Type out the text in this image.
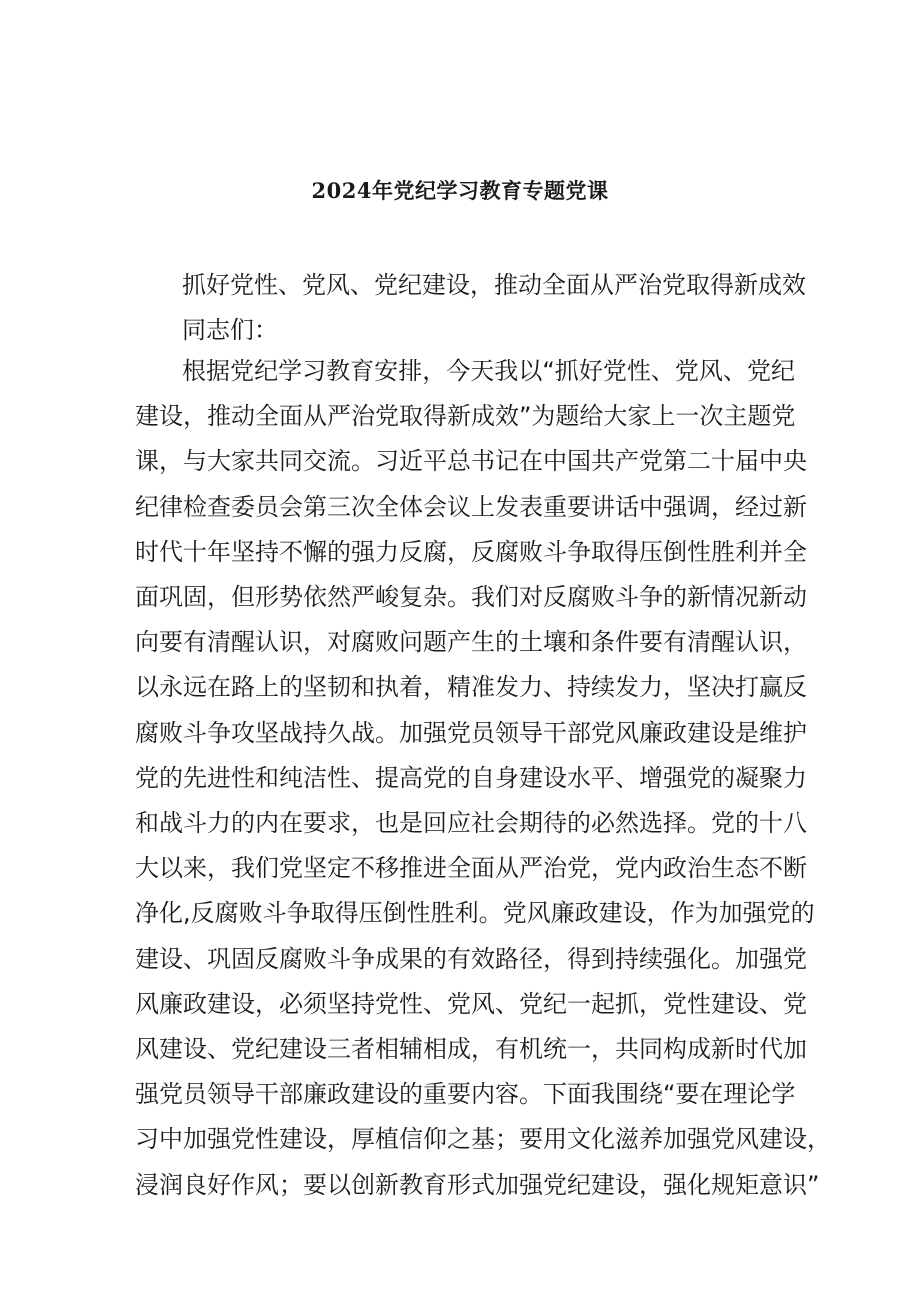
2024年党纪学习教育专题党课
抓好党性、党风、党纪建设，推动全面从严治党取得新成效
同志们：
根据党纪学习教育安排，今天我以“抓好党性、党风、党纪
建设，推动全面从严治党取得新成效”为题给大家上一次主题党
课，与大家共同交流。习近平总书记在中国共产党第二十届中央
纪律检查委员会第三次全体会议上发表重要讲话中强调，经过新
时代十年坚持不懈的强力反腐，反腐败斗争取得压倒性胜利并全
面巩固，但形势依然严峻复杂。我们对反腐败斗争的新情况新动
向要有清醒认识，对腐败问题产生的土壤和条件要有清醒认识，
以永远在路上的坚韧和执着，精准发力、持续发力，坚决打赢反
腐败斗争攻坚战持久战。加强党员领导干部党风廉政建设是维护
党的先进性和纯洁性、提高党的自身建设水平、增强党的凝聚力
和战斗力的内在要求，也是回应社会期待的必然选择。党的十八
大以来，我们党坚定不移推进全面从严治党，党内政治生态不断
净化,反腐败斗争取得压倒性胜利。党风廉政建设，作为加强党的
建设、巩固反腐败斗争成果的有效路径，得到持续强化。加强党
风廉政建设，必须坚持党性、党风、党纪一起抓，党性建设、党
风建设、党纪建设三者相辅相成，有机统一，共同构成新时代加
强党员领导干部廉政建设的重要内容。下面我围绕“要在理论学
习中加强党性建设，厚植信仰之基；要用文化滋养加强党风建设，
浸润良好作风；要以创新教育形式加强党纪建设，强化规矩意识”
